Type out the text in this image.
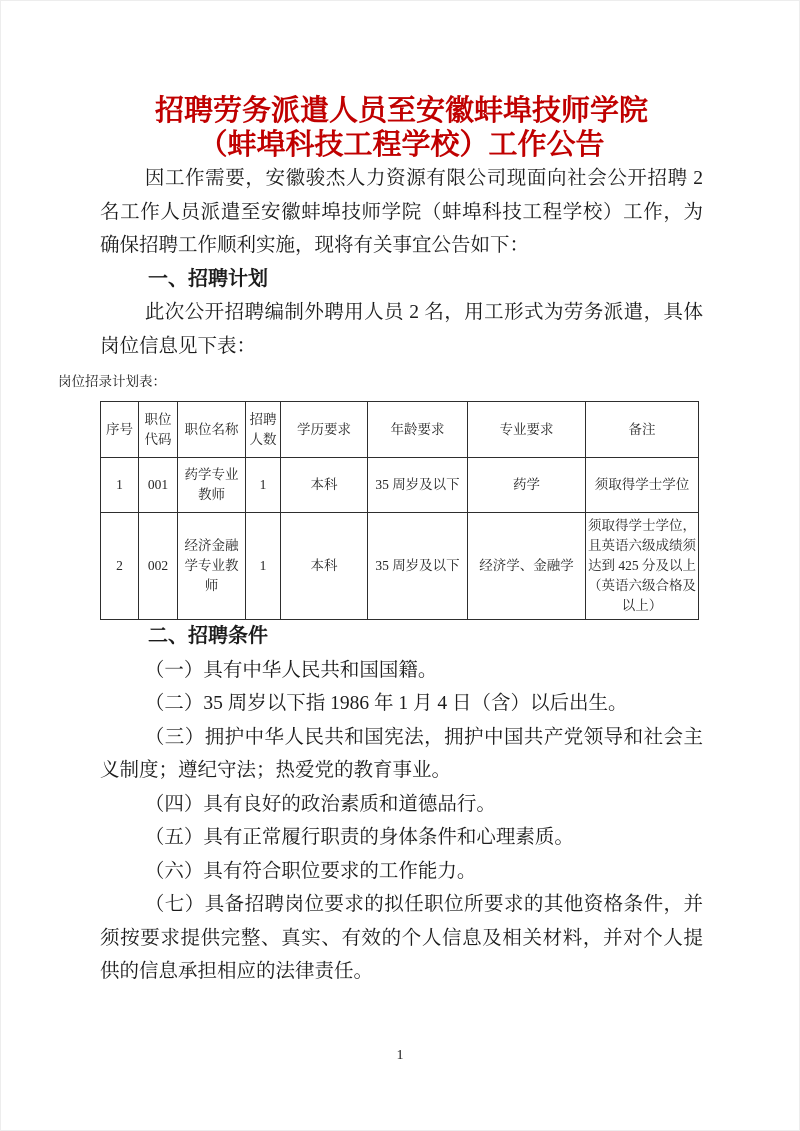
招聘劳务派遣人员至安徽蚌埠技师学院
（蚌埠科技工程学校）工作公告

因工作需要，安徽骏杰人力资源有限公司现面向社会公开招聘 2 名工作人员派遣至安徽蚌埠技师学院（蚌埠科技工程学校）工作，为确保招聘工作顺利实施，现将有关事宜公告如下：

一、招聘计划

此次公开招聘编制外聘用人员 2 名，用工形式为劳务派遣，具体岗位信息见下表：

岗位招录计划表：
序号	职位代码	职位名称	招聘人数	学历要求	年龄要求	专业要求	备注
1	001	药学专业教师	1	本科	35 周岁及以下	药学	须取得学士学位
2	002	经济金融学专业教师	1	本科	35 周岁及以下	经济学、金融学	须取得学士学位，且英语六级成绩须达到 425 分及以上（英语六级合格及以上）
二、招聘条件

（一）具有中华人民共和国国籍。

（二）35 周岁以下指 1986 年 1 月 4 日（含）以后出生。

（三）拥护中华人民共和国宪法，拥护中国共产党领导和社会主义制度；遵纪守法；热爱党的教育事业。

（四）具有良好的政治素质和道德品行。

（五）具有正常履行职责的身体条件和心理素质。

（六）具有符合职位要求的工作能力。

（七）具备招聘岗位要求的拟任职位所要求的其他资格条件，并须按要求提供完整、真实、有效的个人信息及相关材料，并对个人提供的信息承担相应的法律责任。

1
